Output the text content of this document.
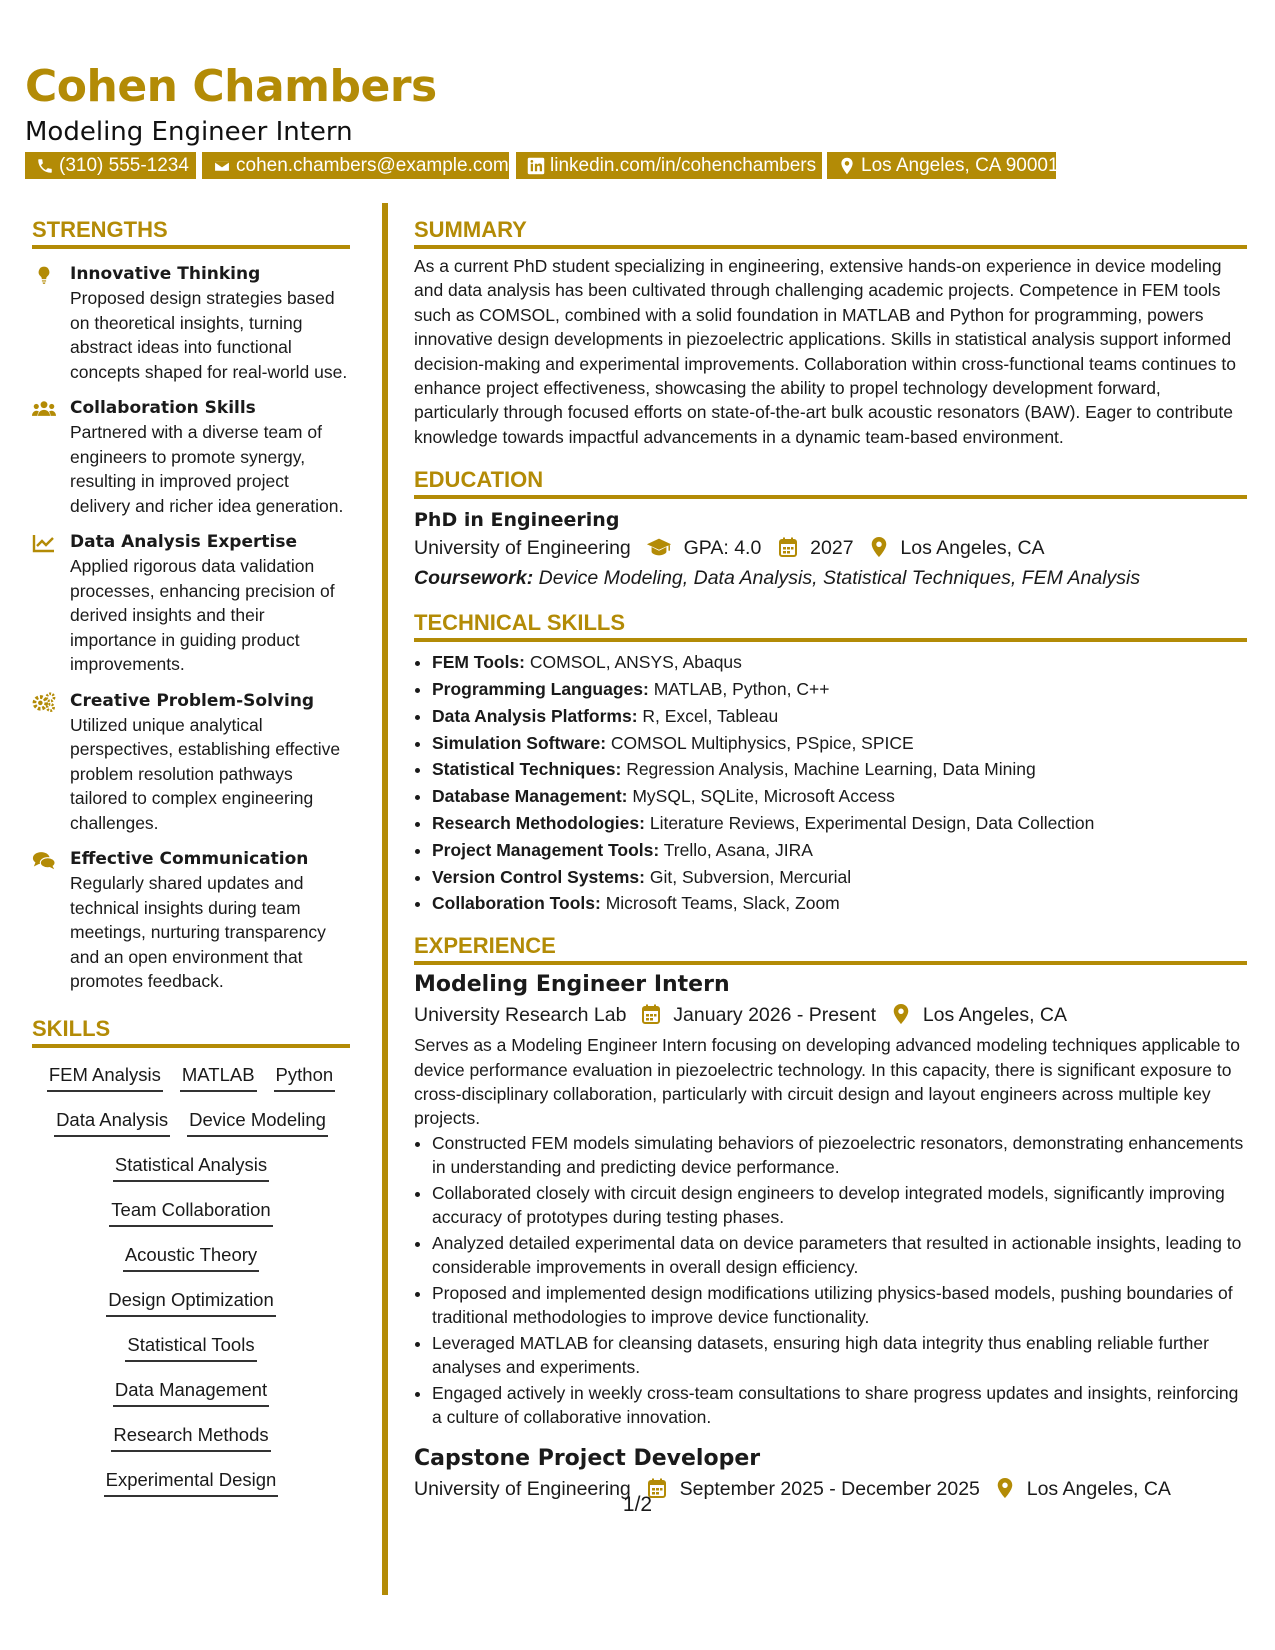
Cohen Chambers
Modeling Engineer Intern
(310) 555-1234 cohen.chambers@example.com linkedin.com/in/cohenchambers Los Angeles, CA 90001
STRENGTHS
Innovative Thinking
Proposed design strategies based on theoretical insights, turning abstract ideas into functional concepts shaped for real-world use.
Collaboration Skills
Partnered with a diverse team of engineers to promote synergy, resulting in improved project delivery and richer idea generation.
Data Analysis Expertise
Applied rigorous data validation processes, enhancing precision of derived insights and their importance in guiding product improvements.
Creative Problem-Solving
Utilized unique analytical perspectives, establishing effective problem resolution pathways tailored to complex engineering challenges.
Effective Communication
Regularly shared updates and technical insights during team meetings, nurturing transparency and an open environment that promotes feedback.
SKILLS
FEM Analysis MATLAB Python
Data Analysis Device Modeling
Statistical Analysis
Team Collaboration
Acoustic Theory
Design Optimization
Statistical Tools
Data Management
Research Methods
Experimental Design
SUMMARY
As a current PhD student specializing in engineering, extensive hands-on experience in device modeling and data analysis has been cultivated through challenging academic projects. Competence in FEM tools such as COMSOL, combined with a solid foundation in MATLAB and Python for programming, powers innovative design developments in piezoelectric applications. Skills in statistical analysis support informed decision-making and experimental improvements. Collaboration within cross-functional teams continues to enhance project effectiveness, showcasing the ability to propel technology development forward, particularly through focused efforts on state-of-the-art bulk acoustic resonators (BAW). Eager to contribute knowledge towards impactful advancements in a dynamic team-based environment.
EDUCATION
PhD in Engineering
University of Engineering	GPA: 4.0	2027 Los Angeles, CA
Coursework: Device Modeling, Data Analysis, Statistical Techniques, FEM Analysis
TECHNICAL SKILLS
• FEM Tools: COMSOL, ANSYS, Abaqus
• Programming Languages: MATLAB, Python, C++
• Data Analysis Platforms: R, Excel, Tableau
• Simulation Software: COMSOL Multiphysics, PSpice, SPICE
• Statistical Techniques: Regression Analysis, Machine Learning, Data Mining
• Database Management: MySQL, SQLite, Microsoft Access
• Research Methodologies: Literature Reviews, Experimental Design, Data Collection
• Project Management Tools: Trello, Asana, JIRA
• Version Control Systems: Git, Subversion, Mercurial
• Collaboration Tools: Microsoft Teams, Slack, Zoom
EXPERIENCE
Modeling Engineer Intern
University Research Lab January 2026 - Present Los Angeles, CA
Serves as a Modeling Engineer Intern focusing on developing advanced modeling techniques applicable to device performance evaluation in piezoelectric technology. In this capacity, there is significant exposure to cross-disciplinary collaboration, particularly with circuit design and layout engineers across multiple key projects.
• Constructed FEM models simulating behaviors of piezoelectric resonators, demonstrating enhancements in understanding and predicting device performance.
• Collaborated closely with circuit design engineers to develop integrated models, significantly improving accuracy of prototypes during testing phases.
• Analyzed detailed experimental data on device parameters that resulted in actionable insights, leading to considerable improvements in overall design efficiency.
• Proposed and implemented design modifications utilizing physics-based models, pushing boundaries of traditional methodologies to improve device functionality.
• Leveraged MATLAB for cleansing datasets, ensuring high data integrity thus enabling reliable further analyses and experiments.
• Engaged actively in weekly cross-team consultations to share progress updates and insights, reinforcing a culture of collaborative innovation.
Capstone Project Developer
University of Engineering	September 2025 - December 2025 Los Angeles, CA
1/2
